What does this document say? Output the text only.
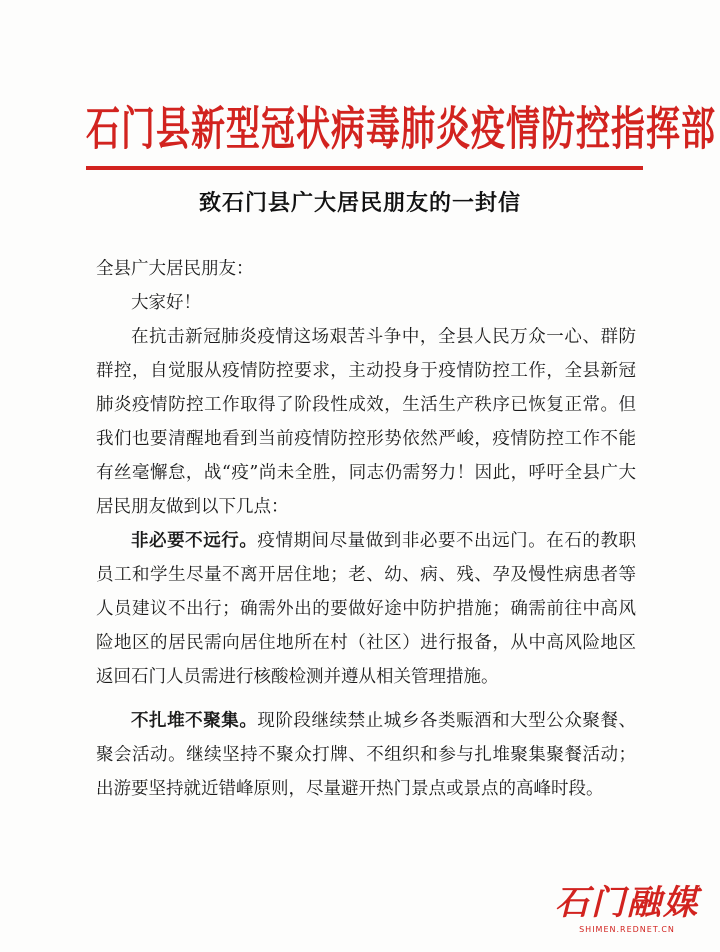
石门县新型冠状病毒肺炎疫情防控指挥部
致石门县广大居民朋友的一封信

全县广大居民朋友：

大家好！

在抗击新冠肺炎疫情这场艰苦斗争中，全县人民万众一心、群防群控，自觉服从疫情防控要求，主动投身于疫情防控工作，全县新冠肺炎疫情防控工作取得了阶段性成效，生活生产秩序已恢复正常。但我们也要清醒地看到当前疫情防控形势依然严峻，疫情防控工作不能有丝毫懈怠，战“疫”尚未全胜，同志仍需努力！因此，呼吁全县广大居民朋友做到以下几点：

非必要不远行。疫情期间尽量做到非必要不出远门。在石的教职员工和学生尽量不离开居住地；老、幼、病、残、孕及慢性病患者等人员建议不出行；确需外出的要做好途中防护措施；确需前往中高风险地区的居民需向居住地所在村（社区）进行报备，从中高风险地区返回石门人员需进行核酸检测并遵从相关管理措施。

不扎堆不聚集。现阶段继续禁止城乡各类赈酒和大型公众聚餐、聚会活动。继续坚持不聚众打牌、不组织和参与扎堆聚集聚餐活动；出游要坚持就近错峰原则，尽量避开热门景点或景点的高峰时段。

石门融媒
SHIMEN.REDNET.CN
